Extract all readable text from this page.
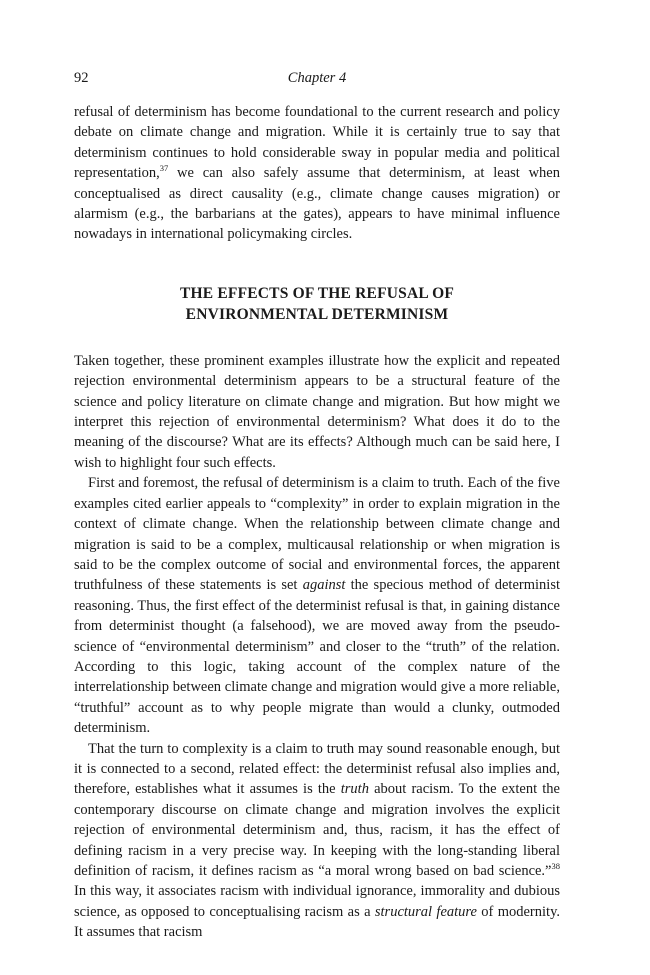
92	Chapter 4

refusal of determinism has become foundational to the current research and policy debate on climate change and migration. While it is certainly true to say that determinism continues to hold considerable sway in popular media and political representation,$^{37}$ we can also safely assume that determinism, at least when conceptualised as direct causality (e.g., climate change causes migration) or alarmism (e.g., the barbarians at the gates), appears to have minimal influence nowadays in international policymaking circles.

THE EFFECTS OF THE REFUSAL OF
ENVIRONMENTAL DETERMINISM

Taken together, these prominent examples illustrate how the explicit and repeated rejection environmental determinism appears to be a structural feature of the science and policy literature on climate change and migration. But how might we interpret this rejection of environmental determinism? What does it do to the meaning of the discourse? What are its effects? Although much can be said here, I wish to highlight four such effects.

First and foremost, the refusal of determinism is a claim to truth. Each of the five examples cited earlier appeals to “complexity” in order to explain migration in the context of climate change. When the relationship between climate change and migration is said to be a complex, multicausal relationship or when migration is said to be the complex outcome of social and environmental forces, the apparent truthfulness of these statements is set against the specious method of determinist reasoning. Thus, the first effect of the determinist refusal is that, in gaining distance from determinist thought (a falsehood), we are moved away from the pseudo-science of “environmental determinism” and closer to the “truth” of the relation. According to this logic, taking account of the complex nature of the interrelationship between climate change and migration would give a more reliable, “truthful” account as to why people migrate than would a clunky, outmoded determinism.

That the turn to complexity is a claim to truth may sound reasonable enough, but it is connected to a second, related effect: the determinist refusal also implies and, therefore, establishes what it assumes is the truth about racism. To the extent the contemporary discourse on climate change and migration involves the explicit rejection of environmental determinism and, thus, racism, it has the effect of defining racism in a very precise way. In keeping with the long-standing liberal definition of racism, it defines racism as “a moral wrong based on bad science.”$^{38}$ In this way, it associates racism with individual ignorance, immorality and dubious science, as opposed to conceptualising racism as a structural feature of modernity. It assumes that racism
